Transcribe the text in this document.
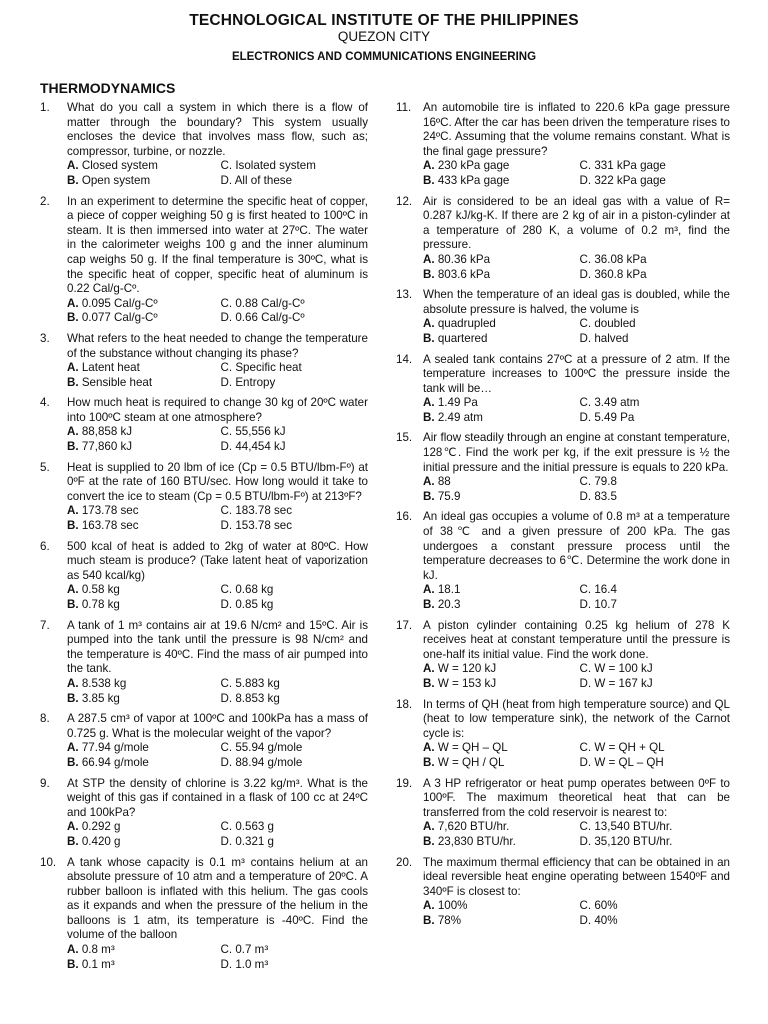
TECHNOLOGICAL INSTITUTE OF THE PHILIPPINES
QUEZON CITY
ELECTRONICS AND COMMUNICATIONS ENGINEERING
THERMODYNAMICS
1.	What do you call a system in which there is a flow of matter through the boundary? This system usually encloses the device that involves mass flow, such as; compressor, turbine, or nozzle.
A. Closed system	C. Isolated system
B. Open system	D. All of these
2.	In an experiment to determine the specific heat of copper, a piece of copper weighing 50 g is first heated to 100ºC in steam. It is then immersed into water at 27ºC. The water in the calorimeter weighs 100 g and the inner aluminum cap weighs 50 g. If the final temperature is 30ºC, what is the specific heat of copper, specific heat of aluminum is 0.22 Cal/g-Cº.
A. 0.095 Cal/g-Cº	C. 0.88 Cal/g-Cº
B. 0.077 Cal/g-Cº	D. 0.66 Cal/g-Cº
3.	What refers to the heat needed to change the temperature of the substance without changing its phase?
A. Latent heat	C. Specific heat
B. Sensible heat	D. Entropy
4.	How much heat is required to change 30 kg of 20ºC water into 100ºC steam at one atmosphere?
A. 88,858 kJ	C. 55,556 kJ
B. 77,860 kJ	D. 44,454 kJ
5.	Heat is supplied to 20 lbm of ice (Cp = 0.5 BTU/lbm-Fº) at 0ºF at the rate of 160 BTU/sec. How long would it take to convert the ice to steam (Cp = 0.5 BTU/lbm-Fº) at 213ºF?
A. 173.78 sec	C. 183.78 sec
B. 163.78 sec	D. 153.78 sec
6.	500 kcal of heat is added to 2kg of water at 80ºC. How much steam is produce? (Take latent heat of vaporization as 540 kcal/kg)
A. 0.58 kg	C. 0.68 kg
B. 0.78 kg	D. 0.85 kg
7.	A tank of 1 m³ contains air at 19.6 N/cm² and 15ºC. Air is pumped into the tank until the pressure is 98 N/cm² and the temperature is 40ºC. Find the mass of air pumped into the tank.
A. 8.538 kg	C. 5.883 kg
B. 3.85 kg	D. 8.853 kg
8.	A 287.5 cm³ of vapor at 100ºC and 100kPa has a mass of 0.725 g. What is the molecular weight of the vapor?
A. 77.94 g/mole	C. 55.94 g/mole
B. 66.94 g/mole	D. 88.94 g/mole
9.	At STP the density of chlorine is 3.22 kg/m³. What is the weight of this gas if contained in a flask of 100 cc at 24ºC and 100kPa?
A. 0.292 g	C. 0.563 g
B. 0.420 g	D. 0.321 g
10. A tank whose capacity is 0.1 m³ contains helium at an absolute pressure of 10 atm and a temperature of 20ºC. A rubber balloon is inflated with this helium. The gas cools as it expands and when the pressure of the helium in the balloons is 1 atm, its temperature is -40ºC. Find the volume of the balloon
A. 0.8 m³	C. 0.7 m³
B. 0.1 m³	D. 1.0 m³
11.	An automobile tire is inflated to 220.6 kPa gage pressure 16ºC. After the car has been driven the temperature rises to 24ºC. Assuming that the volume remains constant. What is the final gage pressure?
A. 230 kPa gage	C. 331 kPa gage
B. 433 kPa gage	D. 322 kPa gage
12. Air is considered to be an ideal gas with a value of R= 0.287 kJ/kg-K. If there are 2 kg of air in a piston-cylinder at a temperature of 280 K, a volume of 0.2 m³, find the pressure.
A. 80.36 kPa	C. 36.08 kPa
B. 803.6 kPa	D. 360.8 kPa
13. When the temperature of an ideal gas is doubled, while the absolute pressure is halved, the volume is
A. quadrupled	C. doubled
B. quartered	D. halved
14. A sealed tank contains 27ºC at a pressure of 2 atm. If the temperature increases to 100ºC the pressure inside the tank will be…
A. 1.49 Pa	C. 3.49 atm
B. 2.49 atm	D. 5.49 Pa
15. Air flow steadily through an engine at constant temperature, 128℃. Find the work per kg, if the exit pressure is ½ the initial pressure and the initial pressure is equals to 220 kPa.
A. 88	C. 79.8
B. 75.9	D. 83.5
16. An ideal gas occupies a volume of 0.8 m³ at a temperature of 38℃ and a given pressure of 200 kPa. The gas undergoes a constant pressure process until the temperature decreases to 6℃. Determine the work done in kJ.
A. 18.1	C. 16.4
B. 20.3	D. 10.7
17. A piston cylinder containing 0.25 kg helium of 278 K receives heat at constant temperature until the pressure is one-half its initial value. Find the work done.
A. W = 120 kJ	C. W = 100 kJ
B. W = 153 kJ	D. W = 167 kJ
18. In terms of QH (heat from high temperature source) and QL (heat to low temperature sink), the network of the Carnot cycle is:
A. W = QH – QL	C. W = QH + QL
B. W = QH / QL	D. W = QL – QH
19. A 3 HP refrigerator or heat pump operates between 0ºF to 100ºF. The maximum theoretical heat that can be transferred from the cold reservoir is nearest to:
A. 7,620 BTU/hr.	C. 13,540 BTU/hr.
B. 23,830 BTU/hr.	D. 35,120 BTU/hr.
20. The maximum thermal efficiency that can be obtained in an ideal reversible heat engine operating between 1540ºF and 340ºF is closest to:
A. 100%	C. 60%
B. 78%	D. 40%
